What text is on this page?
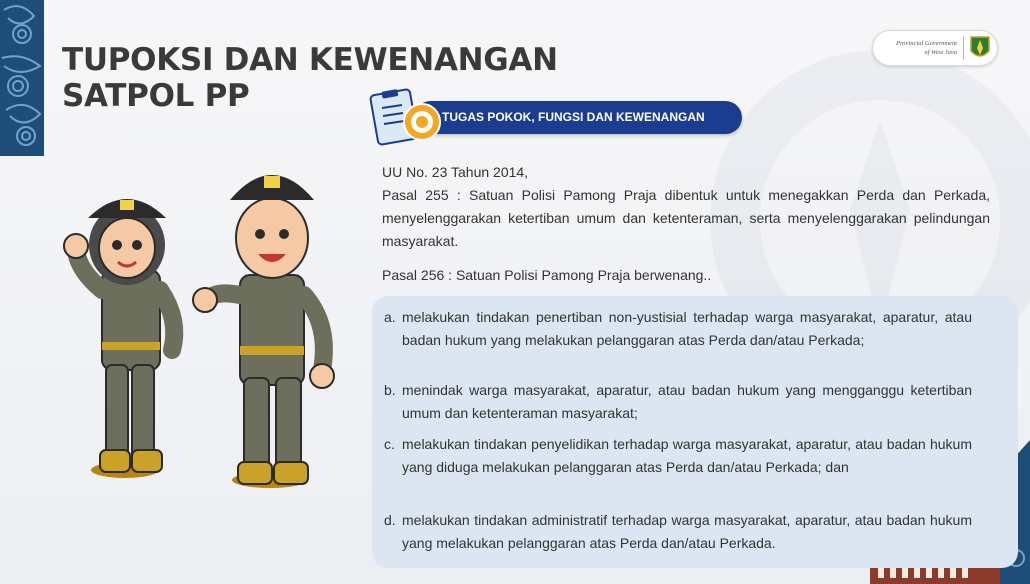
TUPOKSI DAN KEWENANGAN
SATPOL PP
Provincial Government
of West Java
TUGAS POKOK, FUNGSI DAN KEWENANGAN

UU No. 23 Tahun 2014,

Pasal 255 : Satuan Polisi Pamong Praja dibentuk untuk menegakkan Perda dan Perkada, menyelenggarakan ketertiban umum dan ketenteraman, serta menyelenggarakan pelindungan masyarakat.

Pasal 256 : Satuan Polisi Pamong Praja berwenang..

a. melakukan tindakan penertiban non-yustisial terhadap warga masyarakat, aparatur, atau badan hukum yang melakukan pelanggaran atas Perda dan/atau Perkada;
b. menindak warga masyarakat, aparatur, atau badan hukum yang mengganggu ketertiban umum dan ketenteraman masyarakat;
c. melakukan tindakan penyelidikan terhadap warga masyarakat, aparatur, atau badan hukum yang diduga melakukan pelanggaran atas Perda dan/atau Perkada; dan
d. melakukan tindakan administratif terhadap warga masyarakat, aparatur, atau badan hukum yang melakukan pelanggaran atas Perda dan/atau Perkada.
